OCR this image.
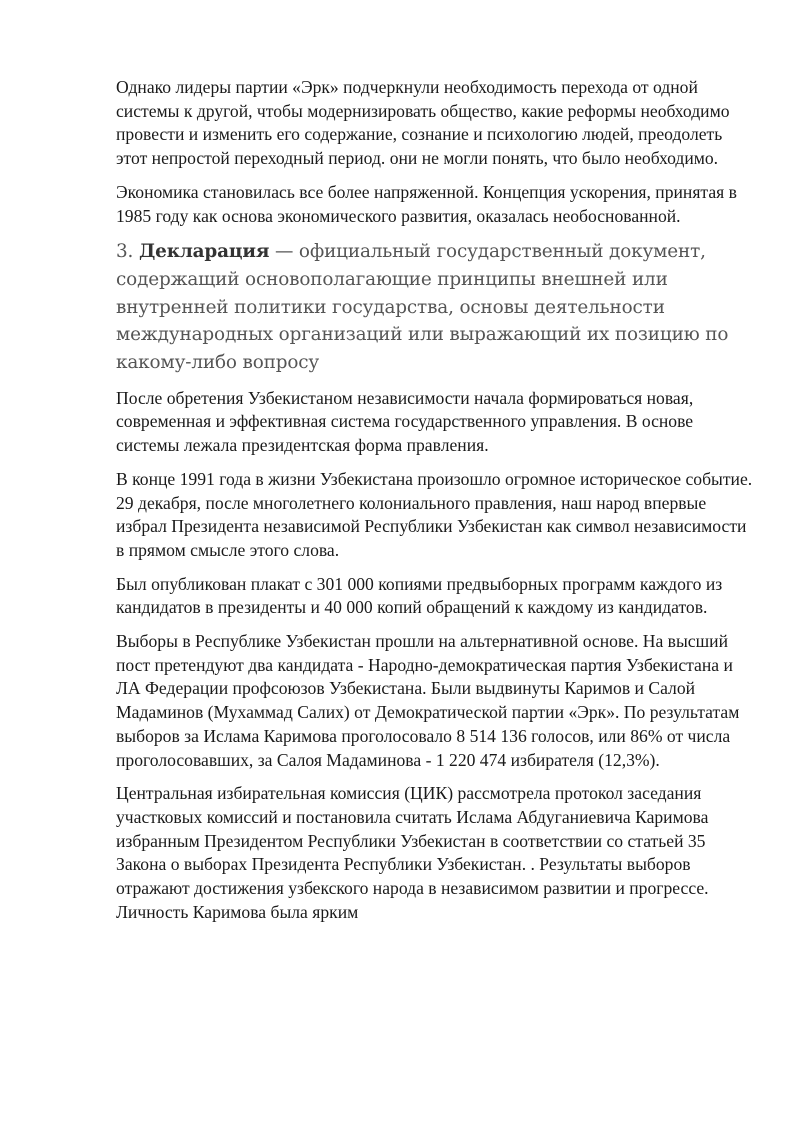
Однако лидеры партии «Эрк» подчеркнули необходимость перехода от одной системы к другой, чтобы модернизировать общество, какие реформы необходимо провести и изменить его содержание, сознание и психологию людей, преодолеть этот непростой переходный период. они не могли понять, что было необходимо.

Экономика становилась все более напряженной. Концепция ускорения, принятая в 1985 году как основа экономического развития, оказалась необоснованной.

3. Декларация — официальный государственный документ, содержащий основополагающие принципы внешней или внутренней политики государства, основы деятельности международных организаций или выражающий их позицию по какому-либо вопросу

После обретения Узбекистаном независимости начала формироваться новая, современная и эффективная система государственного управления. В основе системы лежала президентская форма правления.

В конце 1991 года в жизни Узбекистана произошло огромное историческое событие. 29 декабря, после многолетнего колониального правления, наш народ впервые избрал Президента независимой Республики Узбекистан как символ независимости в прямом смысле этого слова.

Был опубликован плакат с 301 000 копиями предвыборных программ каждого из кандидатов в президенты и 40 000 копий обращений к каждому из кандидатов.

Выборы в Республике Узбекистан прошли на альтернативной основе. На высший пост претендуют два кандидата - Народно-демократическая партия Узбекистана и ЛА Федерации профсоюзов Узбекистана. Были выдвинуты Каримов и Салой Мадаминов (Мухаммад Салих) от Демократической партии «Эрк». По результатам выборов за Ислама Каримова проголосовало 8 514 136 голосов, или 86% от числа проголосовавших, за Салоя Мадаминова - 1 220 474 избирателя (12,3%).

Центральная избирательная комиссия (ЦИК) рассмотрела протокол заседания участковых комиссий и постановила считать Ислама Абдуганиевича Каримова избранным Президентом Республики Узбекистан в соответствии со статьей 35 Закона о выборах Президента Республики Узбекистан. . Результаты выборов отражают достижения узбекского народа в независимом развитии и прогрессе. Личность Каримова была ярким
